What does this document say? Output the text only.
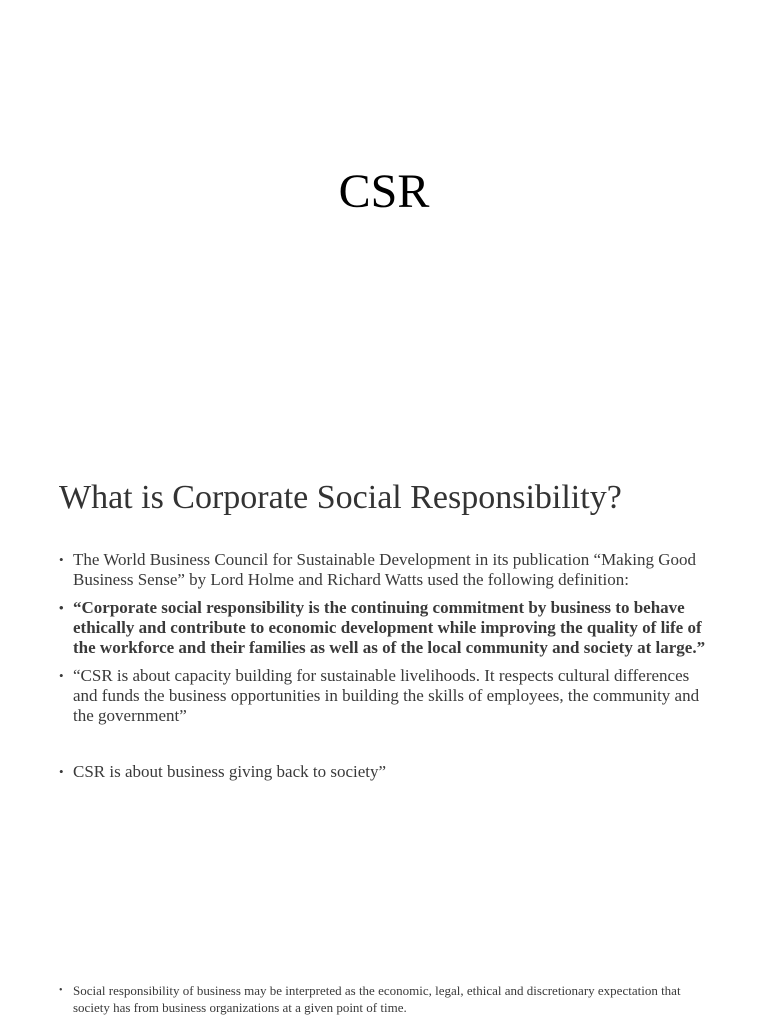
CSR
What is Corporate Social Responsibility?
• The World Business Council for Sustainable Development in its publication “Making Good Business Sense” by Lord Holme and Richard Watts used the following definition:
• “Corporate social responsibility is the continuing commitment by business to behave ethically and contribute to economic development while improving the quality of life of the workforce and their families as well as of the local community and society at large.”
• “CSR is about capacity building for sustainable livelihoods. It respects cultural differences and funds the business opportunities in building the skills of employees, the community and the government”
• CSR is about business giving back to society”
• Social responsibility of business may be interpreted as the economic, legal, ethical and discretionary expectation that society has from business organizations at a given point of time.
